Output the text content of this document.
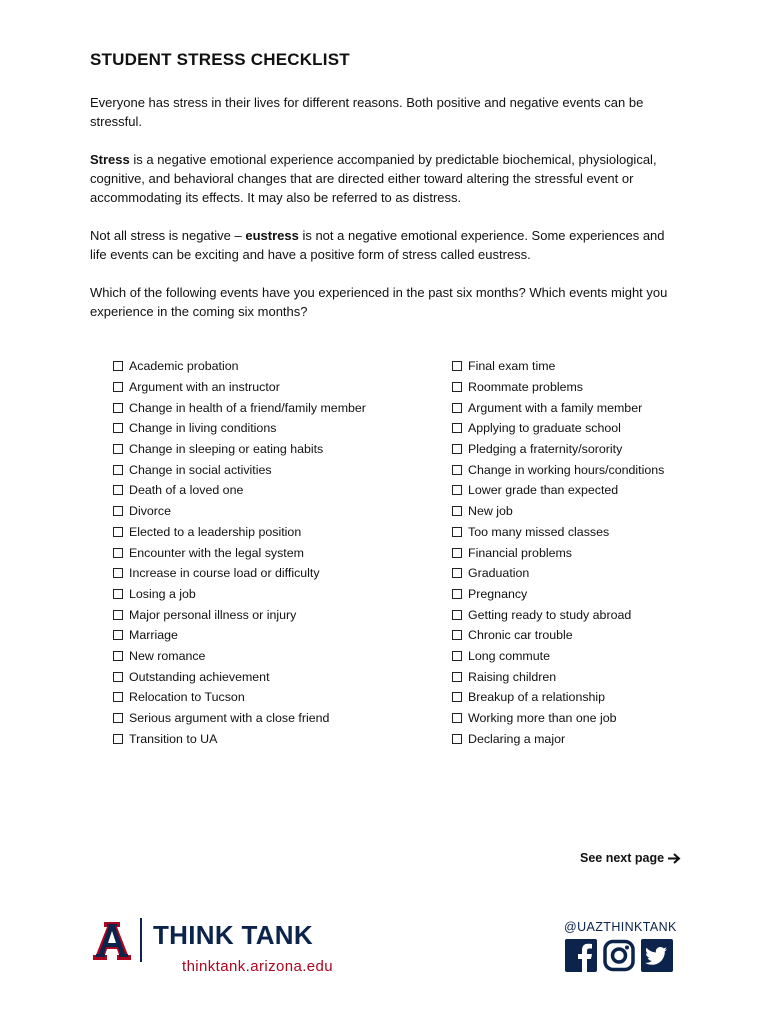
STUDENT STRESS CHECKLIST

Everyone has stress in their lives for different reasons. Both positive and negative events can be stressful.

Stress is a negative emotional experience accompanied by predictable biochemical, physiological, cognitive, and behavioral changes that are directed either toward altering the stressful event or accommodating its effects. It may also be referred to as distress.

Not all stress is negative – eustress is not a negative emotional experience. Some experiences and life events can be exciting and have a positive form of stress called eustress.

Which of the following events have you experienced in the past six months? Which events might you experience in the coming six months?

Academic probation
Argument with an instructor
Change in health of a friend/family member
Change in living conditions
Change in sleeping or eating habits
Change in social activities
Death of a loved one
Divorce
Elected to a leadership position
Encounter with the legal system
Increase in course load or difficulty
Losing a job
Major personal illness or injury
Marriage
New romance
Outstanding achievement
Relocation to Tucson
Serious argument with a close friend
Transition to UA
Final exam time
Roommate problems
Argument with a family member
Applying to graduate school
Pledging a fraternity/sorority
Change in working hours/conditions
Lower grade than expected
New job
Too many missed classes
Financial problems
Graduation
Pregnancy
Getting ready to study abroad
Chronic car trouble
Long commute
Raising children
Breakup of a relationship
Working more than one job
Declaring a major
See next page
THINK TANK
thinktank.arizona.edu
@UAZTHINKTANK
